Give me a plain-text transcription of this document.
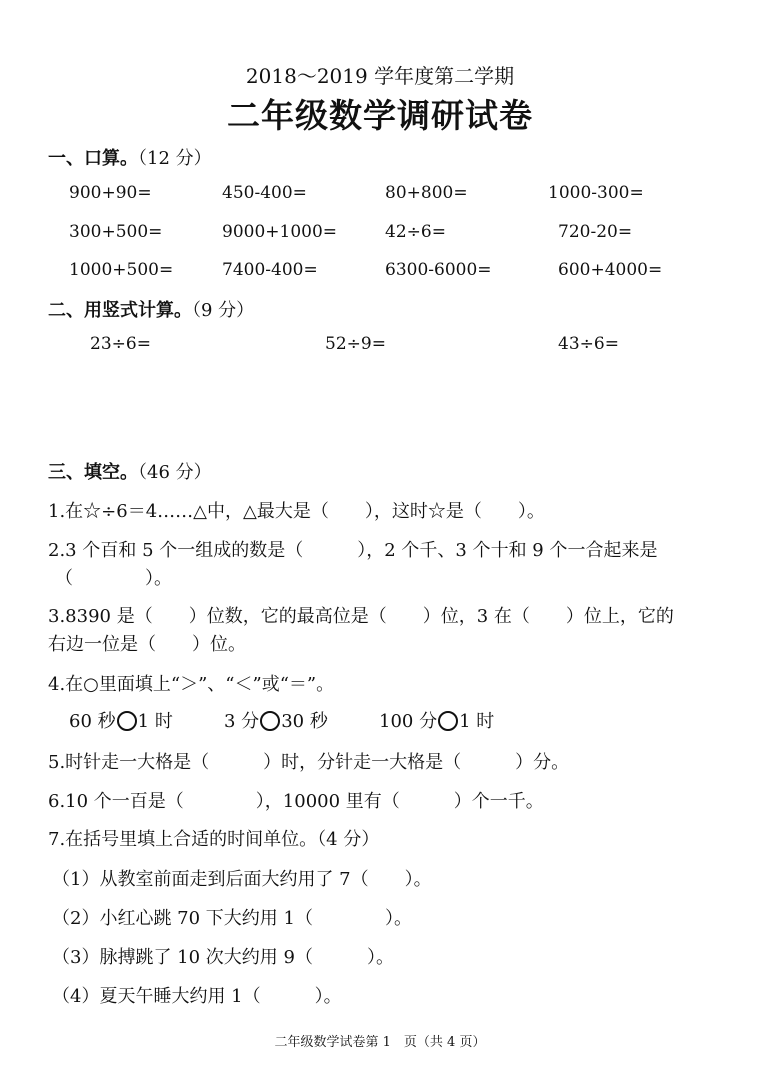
2018～2019 学年度第二学期
二年级数学调研试卷
一、口算。（12 分）
900+90=	450-400=	80+800=	1000-300=
300+500=	9000+1000=	42÷6=	720-20=
1000+500=	7400-400=	6300-6000=	600+4000=
二、用竖式计算。（9 分）
23÷6=	52÷9=	43÷6=
三、填空。（46 分）
1.在☆÷6＝4……△中，△最大是（　　），这时☆是（　　）。
2.3 个百和 5 个一组成的数是（　　　），2 个千、3 个十和 9 个一合起来是
（　　　　）。
3.8390 是（　　）位数，它的最高位是（　　）位，3 在（　　）位上，它的
右边一位是（　　）位。
4.在○里面填上“＞”、“＜”或“＝”。
60 秒 1 时	3 分 30 秒	100 分 1 时
5.时针走一大格是（　　　）时，分针走一大格是（　　　）分。
6.10 个一百是（　　　　），10000 里有（　　　）个一千。
7.在括号里填上合适的时间单位。（4 分）
（1）从教室前面走到后面大约用了 7（　　）。
（2）小红心跳 70 下大约用 1（　　　　）。
（3）脉搏跳了 10 次大约用 9（　　　）。
（4）夏天午睡大约用 1（　　　）。
二年级数学试卷第 1　页（共 4 页）
